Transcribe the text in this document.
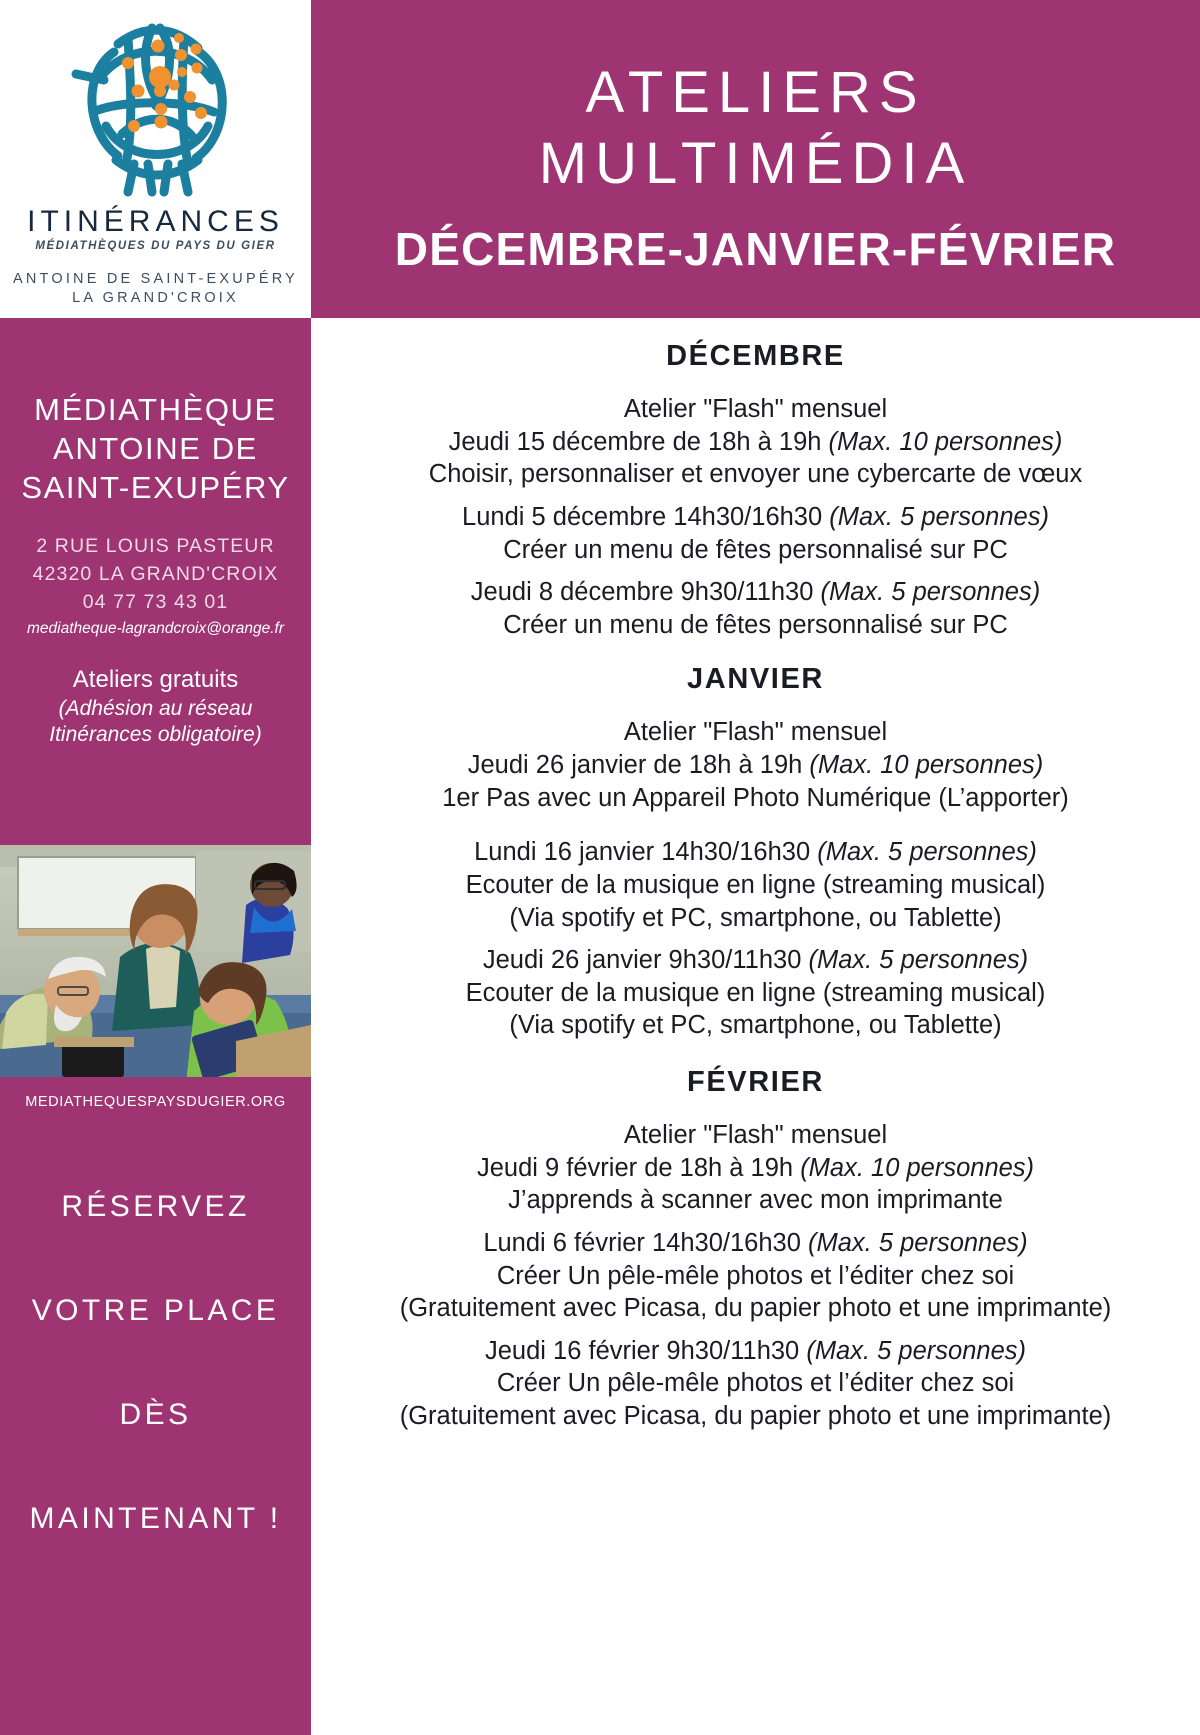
ITINÉRANCES
MÉDIATHÈQUES DU PAYS DU GIER
ANTOINE DE SAINT-EXUPÉRY
LA GRAND'CROIX
MÉDIATHÈQUE
ANTOINE DE
SAINT-EXUPÉRY
2 RUE LOUIS PASTEUR
42320 LA GRAND'CROIX
04 77 73 43 01
mediatheque-lagrandcroix@orange.fr
Ateliers gratuits
(Adhésion au réseau
Itinérances obligatoire)
MEDIATHEQUESPAYSDUGIER.ORG
RÉSERVEZ
VOTRE PLACE
DÈS
MAINTENANT !
ATELIERS
MULTIMÉDIA
DÉCEMBRE-JANVIER-FÉVRIER
DÉCEMBRE
Atelier "Flash" mensuel
Jeudi 15 décembre de 18h à 19h (Max. 10 personnes)
Choisir, personnaliser et envoyer une cybercarte de vœux
Lundi 5 décembre 14h30/16h30 (Max. 5 personnes)
Créer un menu de fêtes personnalisé sur PC
Jeudi 8 décembre 9h30/11h30 (Max. 5 personnes)
Créer un menu de fêtes personnalisé sur PC
JANVIER
Atelier "Flash" mensuel
Jeudi 26 janvier de 18h à 19h (Max. 10 personnes)
1er Pas avec un Appareil Photo Numérique (L’apporter)
Lundi 16 janvier 14h30/16h30 (Max. 5 personnes)
Ecouter de la musique en ligne (streaming musical)
(Via spotify et PC, smartphone, ou Tablette)
Jeudi 26 janvier 9h30/11h30 (Max. 5 personnes)
Ecouter de la musique en ligne (streaming musical)
(Via spotify et PC, smartphone, ou Tablette)
FÉVRIER
Atelier "Flash" mensuel
Jeudi 9 février de 18h à 19h (Max. 10 personnes)
J’apprends à scanner avec mon imprimante
Lundi 6 février 14h30/16h30 (Max. 5 personnes)
Créer Un pêle-mêle photos et l’éditer chez soi
(Gratuitement avec Picasa, du papier photo et une imprimante)
Jeudi 16 février 9h30/11h30 (Max. 5 personnes)
Créer Un pêle-mêle photos et l’éditer chez soi
(Gratuitement avec Picasa, du papier photo et une imprimante)
